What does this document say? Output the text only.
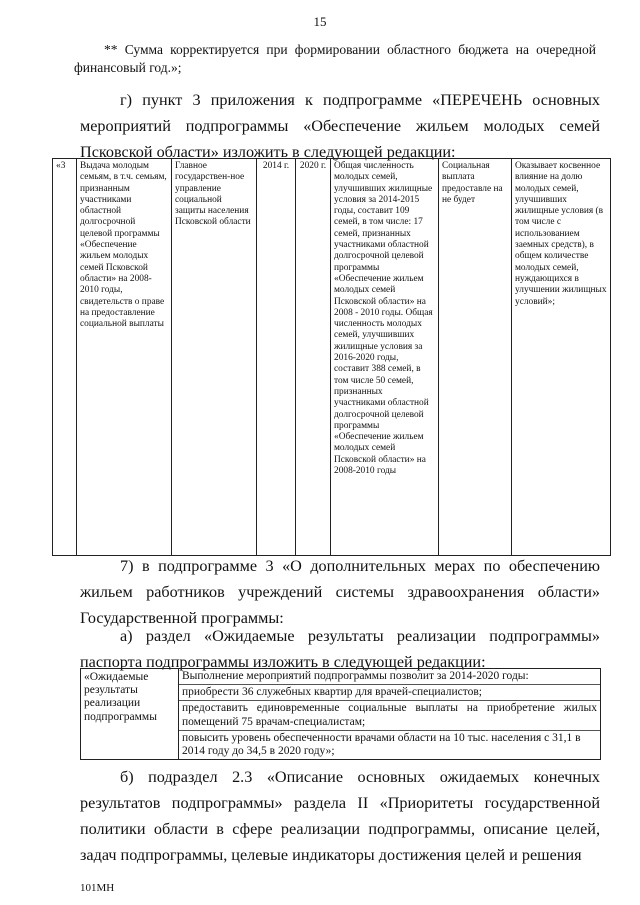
15

** Сумма корректируется при формировании областного бюджета на очередной финансовый год.»;

г) пункт 3 приложения к подпрограмме «ПЕРЕЧЕНЬ основных мероприятий подпрограммы «Обеспечение жильем молодых семей Псковской области» изложить в следующей редакции:

«3	Выдача молодым семьям, в т.ч. семьям, признанным участниками областной долгосрочной целевой программы «Обеспечение жильем молодых семей Псковской области» на 2008-2010 годы, свидетельств о праве на предоставление социальной выплаты	Главное государствен-ное управление социальной защиты населения Псковской области	2014 г.	2020 г.	Общая численность молодых семей, улучшивших жилищные условия за 2014-2015 годы, составит 109 семей, в том числе: 17 семей, признанных участниками областной долгосрочной целевой программы «Обеспечение жильем молодых семей Псковской области» на 2008 - 2010 годы. Общая численность молодых семей, улучшивших жилищные условия за 2016-2020 годы, составит 388 семей, в том числе 50 семей, признанных участниками областной долгосрочной целевой программы «Обеспечение жильем молодых семей Псковской области» на 2008-2010 годы	Социальная выплата предоставле на не будет	Оказывает косвенное влияние на долю молодых семей, улучшивших жилищные условия (в том числе с использованием заемных средств), в общем количестве молодых семей, нуждающихся в улучшении жилищных условий»;

7) в подпрограмме 3 «О дополнительных мерах по обеспечению жильем работников учреждений системы здравоохранения области» Государственной программы:

а) раздел «Ожидаемые результаты реализации подпрограммы» паспорта подпрограммы изложить в следующей редакции:

«Ожидаемые результаты реализации подпрограммы	
Выполнение мероприятий подпрограммы позволит за 2014-2020 годы:
приобрести 36 служебных квартир для врачей-специалистов;
предоставить единовременные социальные выплаты на приобретение жилых помещений 75 врачам-специалистам;
повысить уровень обеспеченности врачами области на 10 тыс. населения с 31,1 в 2014 году до 34,5 в 2020 году»;

б) подраздел 2.3 «Описание основных ожидаемых конечных результатов подпрограммы» раздела II «Приоритеты государственной политики области в сфере реализации подпрограммы, описание целей, задач подпрограммы, целевые индикаторы достижения целей и решения

101МН
